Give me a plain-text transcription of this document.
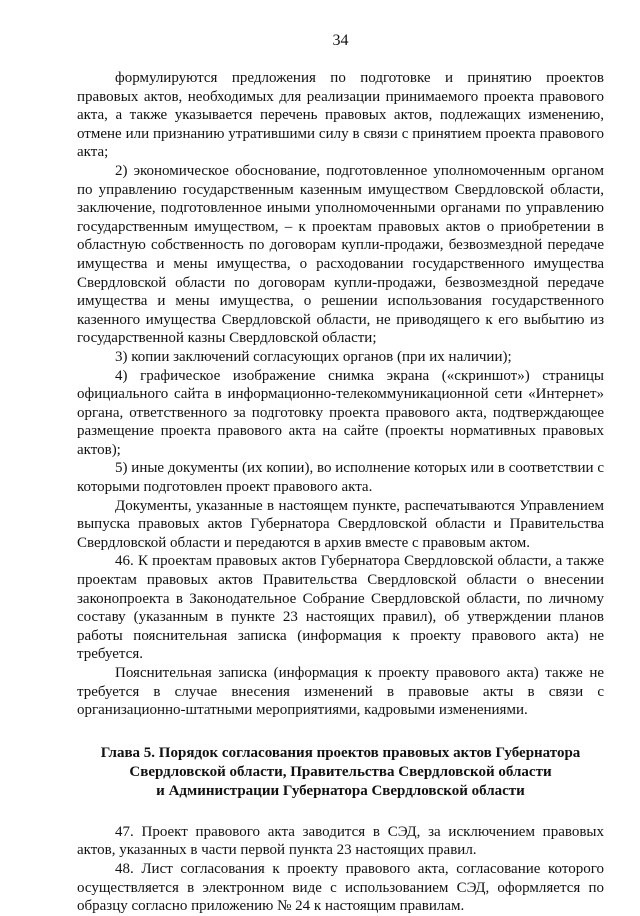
34

формулируются предложения по подготовке и принятию проектов правовых актов, необходимых для реализации принимаемого проекта правового акта, а также указывается перечень правовых актов, подлежащих изменению, отмене или признанию утратившими силу в связи с принятием проекта правового акта;

2) экономическое обоснование, подготовленное уполномоченным органом по управлению государственным казенным имуществом Свердловской области, заключение, подготовленное иными уполномоченными органами по управлению государственным имуществом, – к проектам правовых актов о приобретении в областную собственность по договорам купли-продажи, безвозмездной передаче имущества и мены имущества, о расходовании государственного имущества Свердловской области по договорам купли-продажи, безвозмездной передаче имущества и мены имущества, о решении использования государственного казенного имущества Свердловской области, не приводящего к его выбытию из государственной казны Свердловской области;

3) копии заключений согласующих органов (при их наличии);

4) графическое изображение снимка экрана («скриншот») страницы официального сайта в информационно-телекоммуникационной сети «Интернет» органа, ответственного за подготовку проекта правового акта, подтверждающее размещение проекта правового акта на сайте (проекты нормативных правовых актов);

5) иные документы (их копии), во исполнение которых или в соответствии с которыми подготовлен проект правового акта.

Документы, указанные в настоящем пункте, распечатываются Управлением выпуска правовых актов Губернатора Свердловской области и Правительства Свердловской области и передаются в архив вместе с правовым актом.

46. К проектам правовых актов Губернатора Свердловской области, а также проектам правовых актов Правительства Свердловской области о внесении законопроекта в Законодательное Собрание Свердловской области, по личному составу (указанным в пункте 23 настоящих правил), об утверждении планов работы пояснительная записка (информация к проекту правового акта) не требуется.

Пояснительная записка (информация к проекту правового акта) также не требуется в случае внесения изменений в правовые акты в связи с организационно-штатными мероприятиями, кадровыми изменениями.

Глава 5. Порядок согласования проектов правовых актов Губернатора
Свердловской области, Правительства Свердловской области
и Администрации Губернатора Свердловской области

47. Проект правового акта заводится в СЭД, за исключением правовых актов, указанных в части первой пункта 23 настоящих правил.

48. Лист согласования к проекту правового акта, согласование которого осуществляется в электронном виде с использованием СЭД, оформляется по образцу согласно приложению № 24 к настоящим правилам.
